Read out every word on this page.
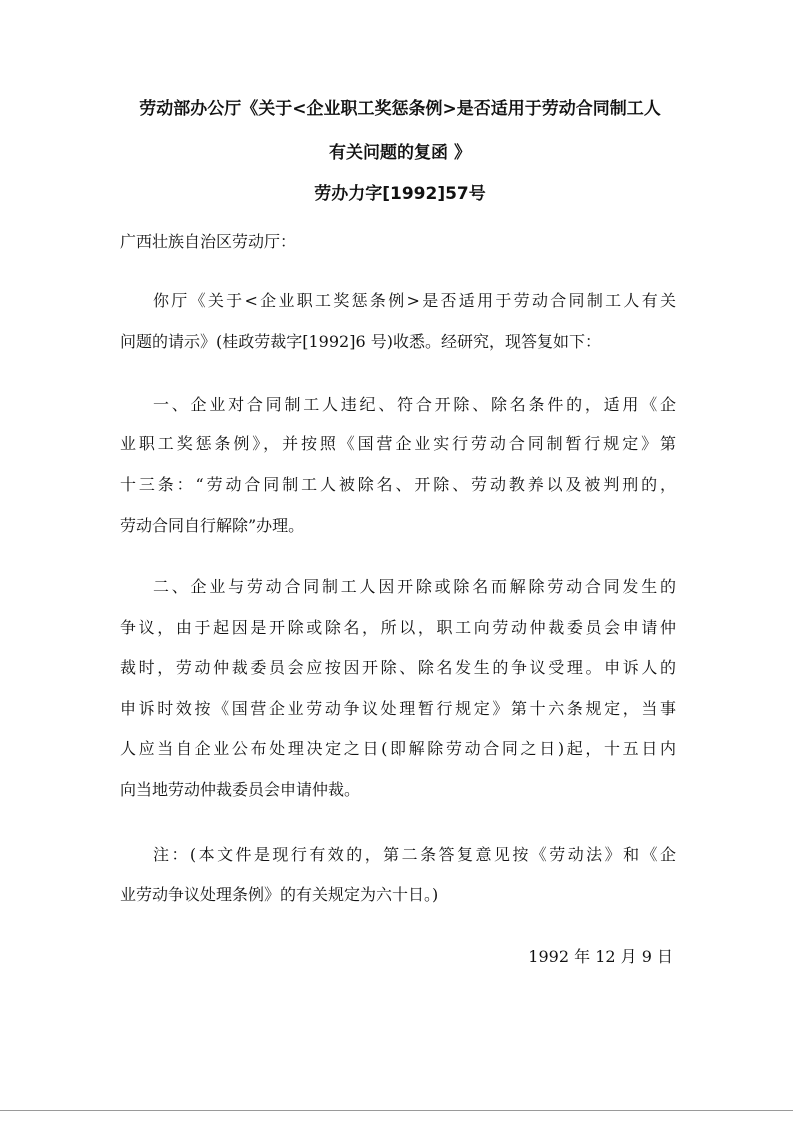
劳动部办公厅《关于<企业职工奖惩条例>是否适用于劳动合同制工人
有关问题的复函 》
劳办力字[1992]57号
广西壮族自治区劳动厅：
你厅《关于<企业职工奖惩条例>是否适用于劳动合同制工人有关
问题的请示》(桂政劳裁字[1992]6 号)收悉。经研究，现答复如下：
一、企业对合同制工人违纪、符合开除、除名条件的，适用《企
业职工奖惩条例》，并按照《国营企业实行劳动合同制暂行规定》第
十三条：“劳动合同制工人被除名、开除、劳动教养以及被判刑的，
劳动合同自行解除”办理。
二、企业与劳动合同制工人因开除或除名而解除劳动合同发生的
争议，由于起因是开除或除名，所以，职工向劳动仲裁委员会申请仲
裁时，劳动仲裁委员会应按因开除、除名发生的争议受理。申诉人的
申诉时效按《国营企业劳动争议处理暂行规定》第十六条规定，当事
人应当自企业公布处理决定之日(即解除劳动合同之日)起，十五日内
向当地劳动仲裁委员会申请仲裁。
注：(本文件是现行有效的，第二条答复意见按《劳动法》和《企
业劳动争议处理条例》的有关规定为六十日。)
1992 年 12 月 9 日
